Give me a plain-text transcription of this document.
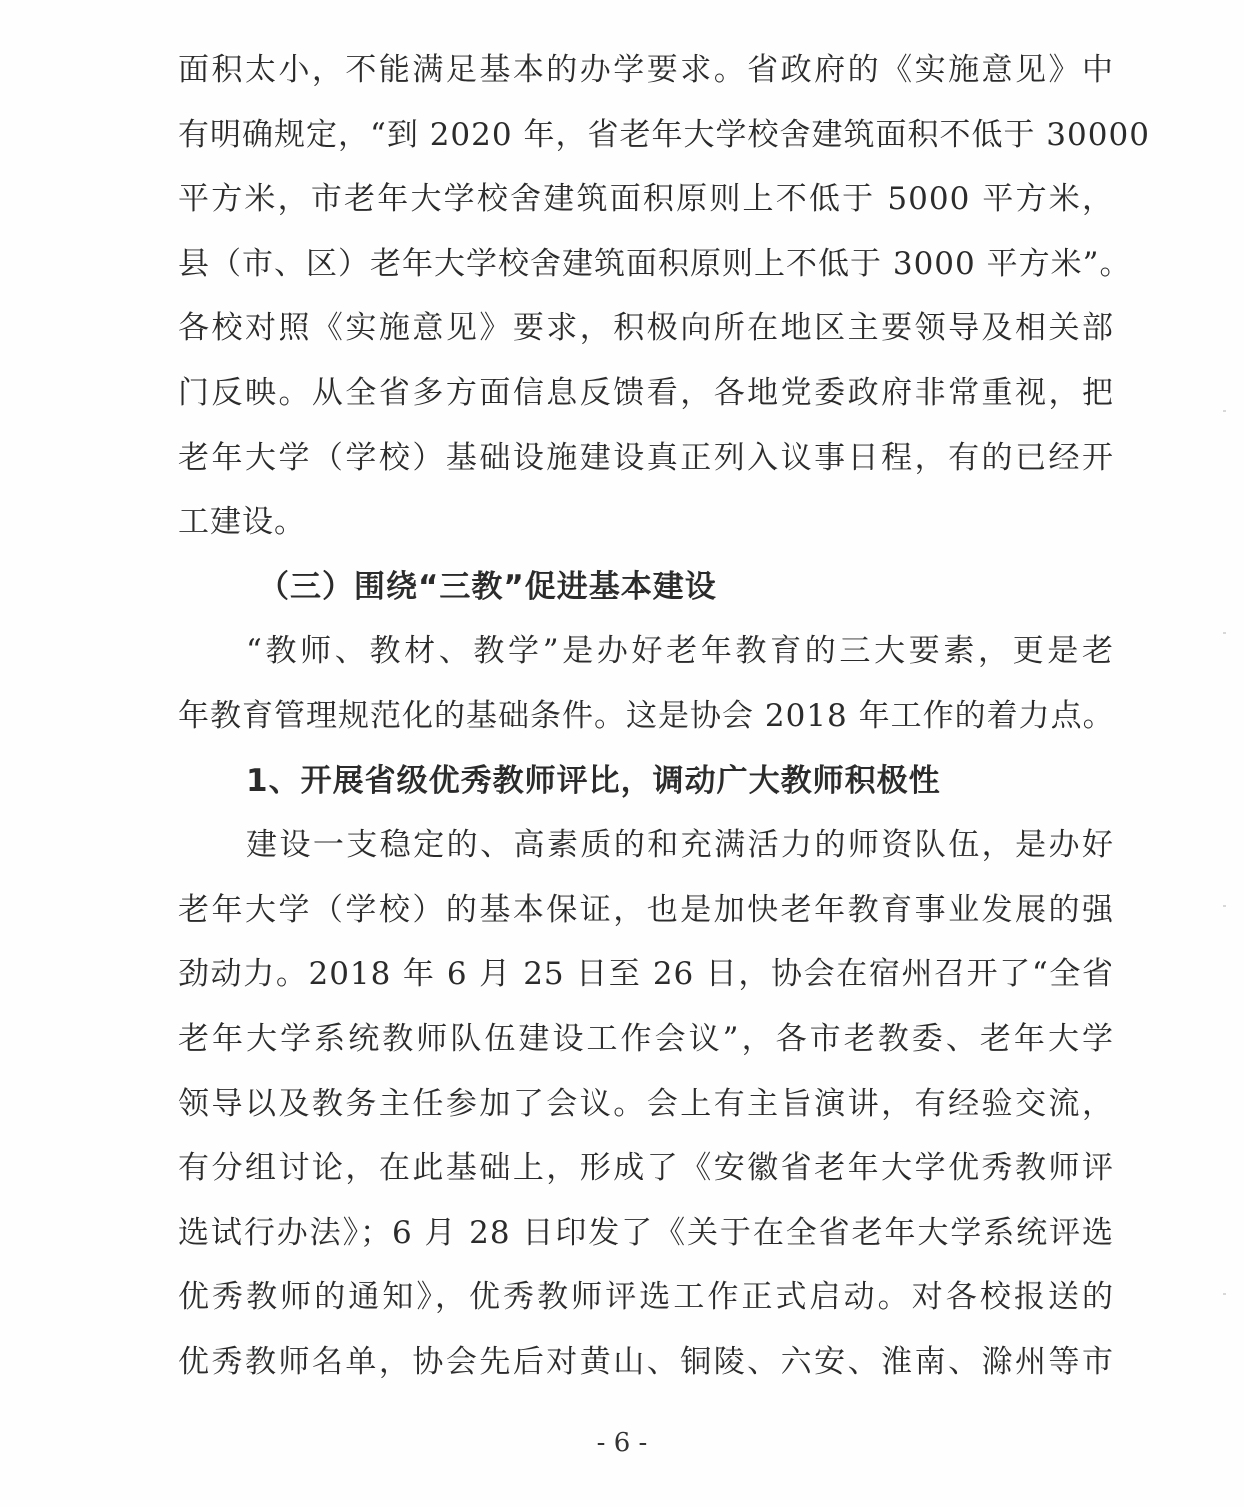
面积太小，不能满足基本的办学要求。省政府的《实施意见》中
有明确规定，“到 2020 年，省老年大学校舍建筑面积不低于 30000
平方米，市老年大学校舍建筑面积原则上不低于 5000 平方米，
县（市、区）老年大学校舍建筑面积原则上不低于 3000 平方米”。
各校对照《实施意见》要求，积极向所在地区主要领导及相关部
门反映。从全省多方面信息反馈看，各地党委政府非常重视，把
老年大学（学校）基础设施建设真正列入议事日程，有的已经开
工建设。
（三）围绕“三教”促进基本建设
“教师、教材、教学”是办好老年教育的三大要素，更是老
年教育管理规范化的基础条件。这是协会 2018 年工作的着力点。
1、开展省级优秀教师评比，调动广大教师积极性
建设一支稳定的、高素质的和充满活力的师资队伍，是办好
老年大学（学校）的基本保证，也是加快老年教育事业发展的强
劲动力。2018 年 6 月 25 日至 26 日，协会在宿州召开了“全省
老年大学系统教师队伍建设工作会议”，各市老教委、老年大学
领导以及教务主任参加了会议。会上有主旨演讲，有经验交流，
有分组讨论，在此基础上，形成了《安徽省老年大学优秀教师评
选试行办法》；6 月 28 日印发了《关于在全省老年大学系统评选
优秀教师的通知》，优秀教师评选工作正式启动。对各校报送的
优秀教师名单，协会先后对黄山、铜陵、六安、淮南、滁州等市
- 6 -
